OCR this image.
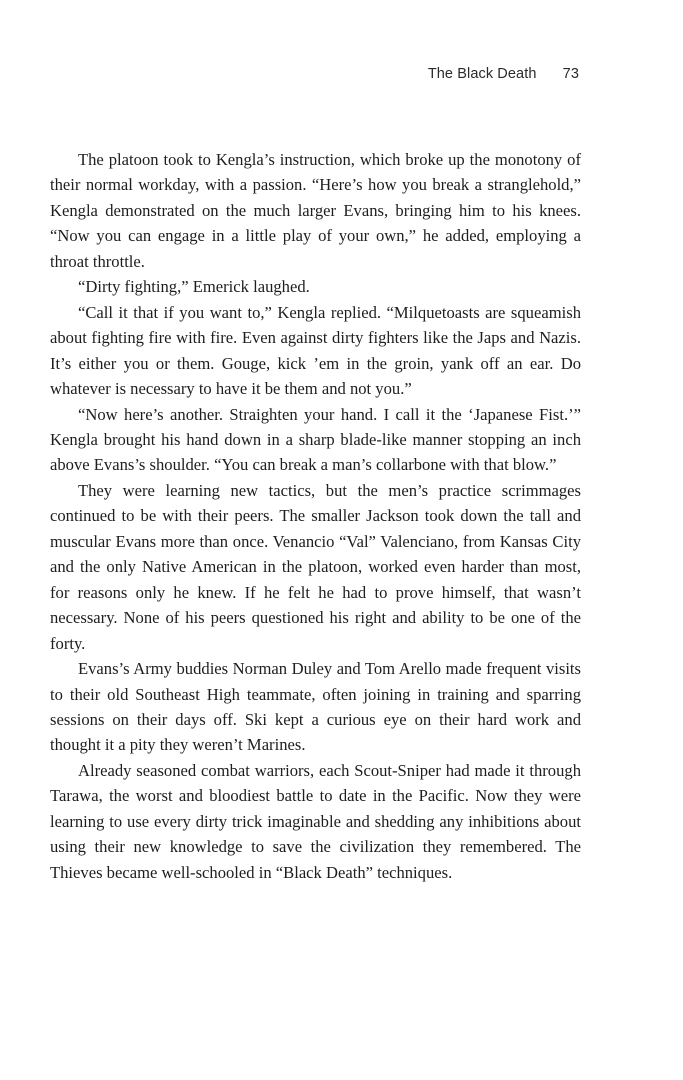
The Black Death 73

The platoon took to Kengla’s instruction, which broke up the monotony of their normal workday, with a passion. “Here’s how you break a stranglehold,” Kengla demonstrated on the much larger Evans, bringing him to his knees. “Now you can engage in a little play of your own,” he added, employing a throat throttle.

“Dirty fighting,” Emerick laughed.

“Call it that if you want to,” Kengla replied. “Milquetoasts are squeamish about fighting fire with fire. Even against dirty fighters like the Japs and Nazis. It’s either you or them. Gouge, kick ’em in the groin, yank off an ear. Do whatever is necessary to have it be them and not you.”

“Now here’s another. Straighten your hand. I call it the ‘Japanese Fist.’” Kengla brought his hand down in a sharp blade-like manner stopping an inch above Evans’s shoulder. “You can break a man’s collarbone with that blow.”

They were learning new tactics, but the men’s practice scrimmages continued to be with their peers. The smaller Jackson took down the tall and muscular Evans more than once. Venancio “Val” Valenciano, from Kansas City and the only Native American in the platoon, worked even harder than most, for reasons only he knew. If he felt he had to prove himself, that wasn’t necessary. None of his peers questioned his right and ability to be one of the forty.

Evans’s Army buddies Norman Duley and Tom Arello made frequent visits to their old Southeast High teammate, often joining in training and sparring sessions on their days off. Ski kept a curious eye on their hard work and thought it a pity they weren’t Marines.

Already seasoned combat warriors, each Scout-Sniper had made it through Tarawa, the worst and bloodiest battle to date in the Pacific. Now they were learning to use every dirty trick imaginable and shedding any inhibitions about using their new knowledge to save the civilization they remembered. The Thieves became well-schooled in “Black Death” techniques.
